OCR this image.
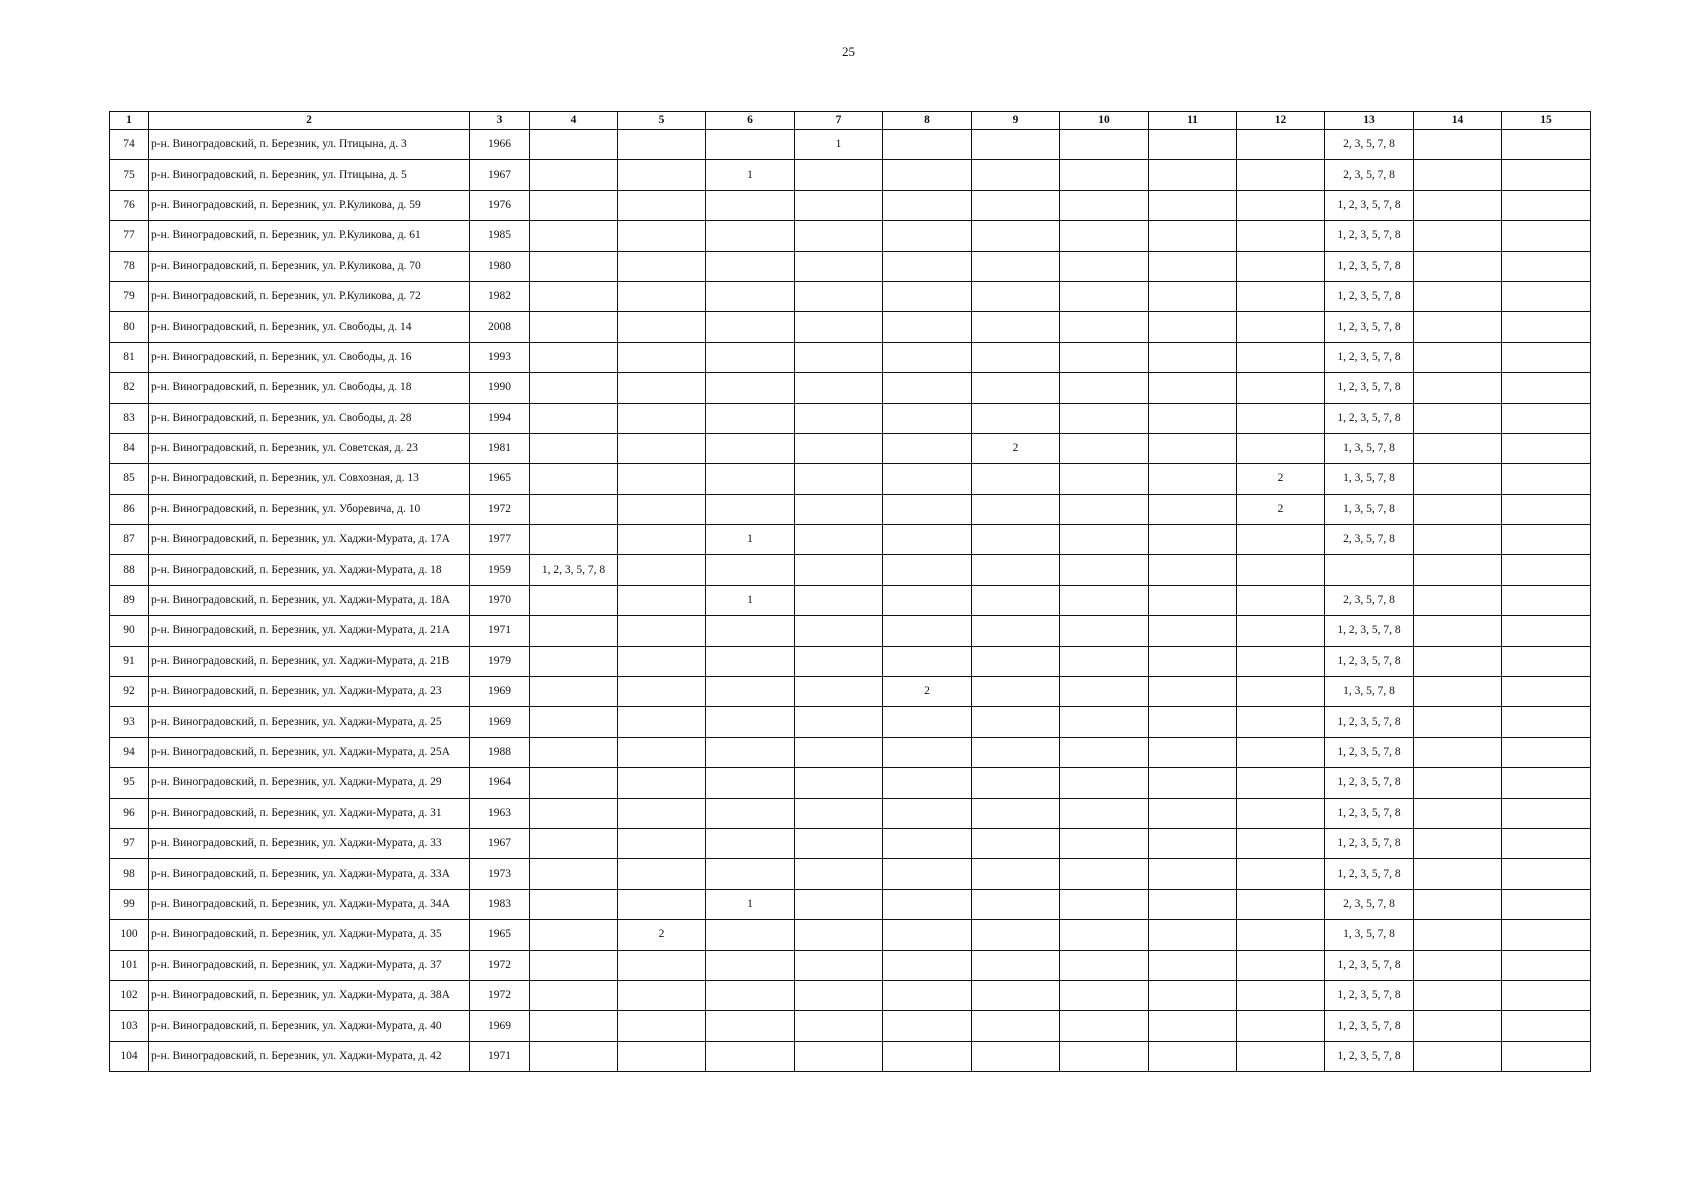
25
1	2	3	4	5	6	7	8	9	10	11	12	13	14	15
74	р-н. Виноградовский, п. Березник, ул. Птицына, д. 3	1966				1						2, 3, 5, 7, 8		
75	р-н. Виноградовский, п. Березник, ул. Птицына, д. 5	1967			1							2, 3, 5, 7, 8		
76	р-н. Виноградовский, п. Березник, ул. Р.Куликова, д. 59	1976										1, 2, 3, 5, 7, 8		
77	р-н. Виноградовский, п. Березник, ул. Р.Куликова, д. 61	1985										1, 2, 3, 5, 7, 8		
78	р-н. Виноградовский, п. Березник, ул. Р.Куликова, д. 70	1980										1, 2, 3, 5, 7, 8		
79	р-н. Виноградовский, п. Березник, ул. Р.Куликова, д. 72	1982										1, 2, 3, 5, 7, 8		
80	р-н. Виноградовский, п. Березник, ул. Свободы, д. 14	2008										1, 2, 3, 5, 7, 8		
81	р-н. Виноградовский, п. Березник, ул. Свободы, д. 16	1993										1, 2, 3, 5, 7, 8		
82	р-н. Виноградовский, п. Березник, ул. Свободы, д. 18	1990										1, 2, 3, 5, 7, 8		
83	р-н. Виноградовский, п. Березник, ул. Свободы, д. 28	1994										1, 2, 3, 5, 7, 8		
84	р-н. Виноградовский, п. Березник, ул. Советская, д. 23	1981						2				1, 3, 5, 7, 8		
85	р-н. Виноградовский, п. Березник, ул. Совхозная, д. 13	1965									2	1, 3, 5, 7, 8		
86	р-н. Виноградовский, п. Березник, ул. Уборевича, д. 10	1972									2	1, 3, 5, 7, 8		
87	р-н. Виноградовский, п. Березник, ул. Хаджи-Мурата, д. 17А	1977			1							2, 3, 5, 7, 8		
88	р-н. Виноградовский, п. Березник, ул. Хаджи-Мурата, д. 18	1959	1, 2, 3, 5, 7, 8											
89	р-н. Виноградовский, п. Березник, ул. Хаджи-Мурата, д. 18А	1970			1							2, 3, 5, 7, 8		
90	р-н. Виноградовский, п. Березник, ул. Хаджи-Мурата, д. 21А	1971										1, 2, 3, 5, 7, 8		
91	р-н. Виноградовский, п. Березник, ул. Хаджи-Мурата, д. 21В	1979										1, 2, 3, 5, 7, 8		
92	р-н. Виноградовский, п. Березник, ул. Хаджи-Мурата, д. 23	1969					2					1, 3, 5, 7, 8		
93	р-н. Виноградовский, п. Березник, ул. Хаджи-Мурата, д. 25	1969										1, 2, 3, 5, 7, 8		
94	р-н. Виноградовский, п. Березник, ул. Хаджи-Мурата, д. 25А	1988										1, 2, 3, 5, 7, 8		
95	р-н. Виноградовский, п. Березник, ул. Хаджи-Мурата, д. 29	1964										1, 2, 3, 5, 7, 8		
96	р-н. Виноградовский, п. Березник, ул. Хаджи-Мурата, д. 31	1963										1, 2, 3, 5, 7, 8		
97	р-н. Виноградовский, п. Березник, ул. Хаджи-Мурата, д. 33	1967										1, 2, 3, 5, 7, 8		
98	р-н. Виноградовский, п. Березник, ул. Хаджи-Мурата, д. 33А	1973										1, 2, 3, 5, 7, 8		
99	р-н. Виноградовский, п. Березник, ул. Хаджи-Мурата, д. 34А	1983			1							2, 3, 5, 7, 8		
100	р-н. Виноградовский, п. Березник, ул. Хаджи-Мурата, д. 35	1965		2								1, 3, 5, 7, 8		
101	р-н. Виноградовский, п. Березник, ул. Хаджи-Мурата, д. 37	1972										1, 2, 3, 5, 7, 8		
102	р-н. Виноградовский, п. Березник, ул. Хаджи-Мурата, д. 38А	1972										1, 2, 3, 5, 7, 8		
103	р-н. Виноградовский, п. Березник, ул. Хаджи-Мурата, д. 40	1969										1, 2, 3, 5, 7, 8		
104	р-н. Виноградовский, п. Березник, ул. Хаджи-Мурата, д. 42	1971										1, 2, 3, 5, 7, 8		
